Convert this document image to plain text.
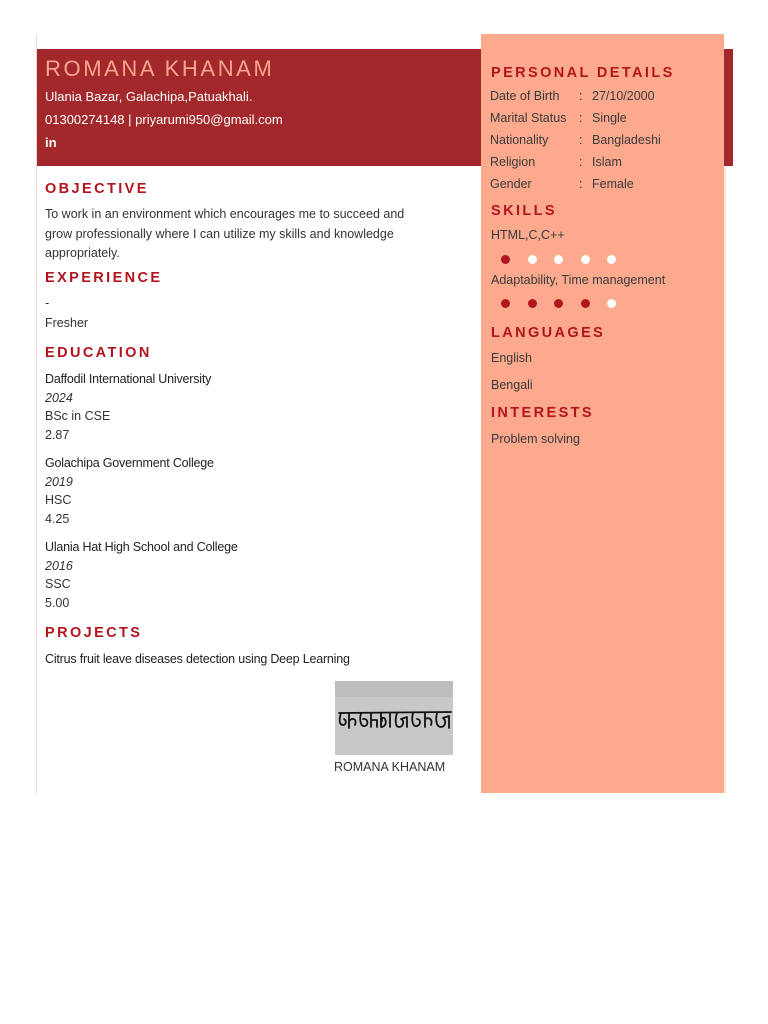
ROMANA KHANAM
Ulania Bazar, Galachipa,Patuakhali.
01300274148 | priyarumi950@gmail.com
in
OBJECTIVE
To work in an environment which encourages me to succeed and
grow professionally where I can utilize my skills and knowledge
appropriately.
EXPERIENCE
-
Fresher
EDUCATION
Daffodil International University
2024
BSc in CSE
2.87
Golachipa Government College
2019
HSC
4.25
Ulania Hat High School and College
2016
SSC
5.00
PROJECTS
Citrus fruit leave diseases detection using Deep Learning
ROMANA KHANAM
PERSONAL DETAILS
Date of Birth : 27/10/2000
Marital Status : Single
Nationality : Bangladeshi
Religion	: Islam
Gender	: Female
SKILLS
HTML,C,C++
Adaptability, Time management
LANGUAGES
English
Bengali
INTERESTS
Problem solving
